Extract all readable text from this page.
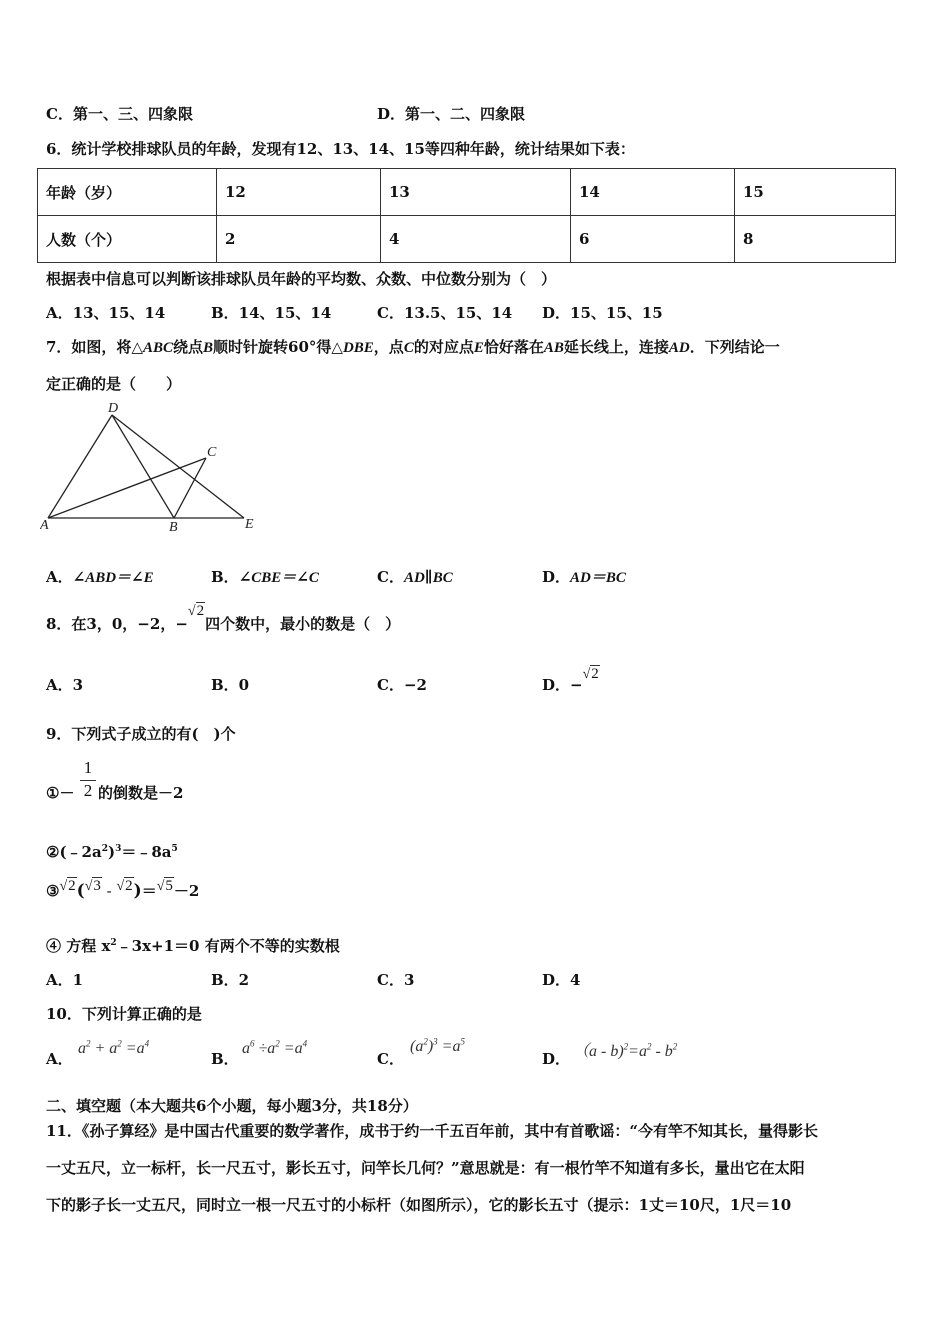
C．第一、三、四象限	D．第一、二、四象限
6．统计学校排球队员的年龄，发现有12、13、14、15等四种年龄，统计结果如下表：
年龄（岁）	12	13	14	15
人数（个）	2	4	6	8
根据表中信息可以判断该排球队员年龄的平均数、众数、中位数分别为（　）
A．13、15、14	B．14、15、14	C．13.5、15、14 D．15、15、15
7．如图，将△ABC绕点B顺时针旋转60°得△DBE，点C的对应点E恰好落在AB延长线上，连接AD．下列结论一
定正确的是（　　）
A	B
C
D
E
A．∠ABD＝∠E	B．∠CBE＝∠C	C．AD∥BC	D．AD＝BC
8．在3，0，−2，−√2四个数中，最小的数是（　）
A．3	B．0	C．−2	D．−√2
9．下列式子成立的有(　)个
①－ $\frac{1}{2}$ 的倒数是－2
$②(﹣2a^2)^3=﹣8a^5$
③√2(√3 - √2)＝√5－2
④ 方程 $x^2﹣3x+1=0$ 有两个不等的实数根
A．1	B．2	C．3	D．4
10．下列计算正确的是
A．
$a^2 + a^2 =a^4$
B．
$a^6 \div a^2 =a^4$
C．
$(a^2)^3 =a^5$
D． $(a - b)^2=a^2 - b^2$
二、填空题（本大题共6个小题，每小题3分，共18分）
11．《孙子算经》是中国古代重要的数学著作，成书于约一千五百年前，其中有首歌谣：“今有竿不知其长，量得影长
一丈五尺，立一标杆，长一尺五寸，影长五寸，问竿长几何？”意思就是：有一根竹竿不知道有多长，量出它在太阳
下的影子长一丈五尺，同时立一根一尺五寸的小标杆（如图所示），它的影长五寸（提示：1丈＝10尺，1尺＝10
